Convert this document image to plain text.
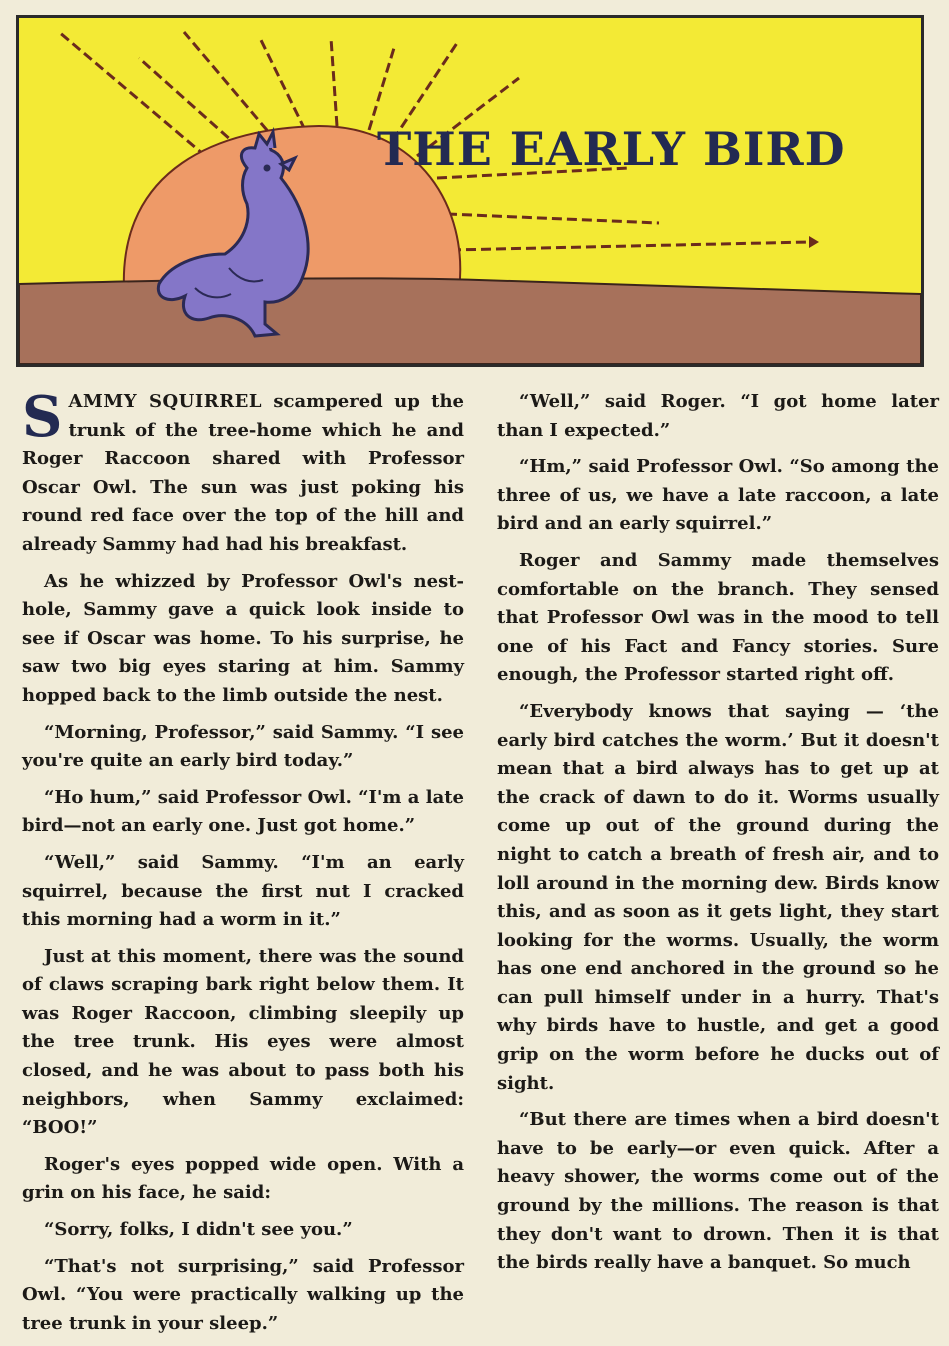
THE EARLY BIRD

SAMMY SQUIRREL scampered up the trunk of the tree-home which he and Roger Raccoon shared with Professor Oscar Owl. The sun was just poking his round red face over the top of the hill and already Sammy had had his breakfast.

As he whizzed by Professor Owl's nest-hole, Sammy gave a quick look inside to see if Oscar was home. To his surprise, he saw two big eyes staring at him. Sammy hopped back to the limb outside the nest.

“Morning, Professor,” said Sammy. “I see you're quite an early bird today.”

“Ho hum,” said Professor Owl. “I'm a late bird—not an early one. Just got home.”

“Well,” said Sammy. “I'm an early squirrel, because the first nut I cracked this morning had a worm in it.”

Just at this moment, there was the sound of claws scraping bark right below them. It was Roger Raccoon, climbing sleepily up the tree trunk. His eyes were almost closed, and he was about to pass both his neighbors, when Sammy exclaimed: “BOO!”

Roger's eyes popped wide open. With a grin on his face, he said:

“Sorry, folks, I didn't see you.”

“That's not surprising,” said Professor Owl. “You were practically walking up the tree trunk in your sleep.”

“Well,” said Roger. “I got home later than I expected.”

“Hm,” said Professor Owl. “So among the three of us, we have a late raccoon, a late bird and an early squirrel.”

Roger and Sammy made themselves comfortable on the branch. They sensed that Professor Owl was in the mood to tell one of his Fact and Fancy stories. Sure enough, the Professor started right off.

“Everybody knows that saying — ‘the early bird catches the worm.’ But it doesn't mean that a bird always has to get up at the crack of dawn to do it. Worms usually come up out of the ground during the night to catch a breath of fresh air, and to loll around in the morning dew. Birds know this, and as soon as it gets light, they start looking for the worms. Usually, the worm has one end anchored in the ground so he can pull himself under in a hurry. That's why birds have to hustle, and get a good grip on the worm before he ducks out of sight.

“But there are times when a bird doesn't have to be early—or even quick. After a heavy shower, the worms come out of the ground by the millions. The reason is that they don't want to drown. Then it is that the birds really have a banquet. So much
